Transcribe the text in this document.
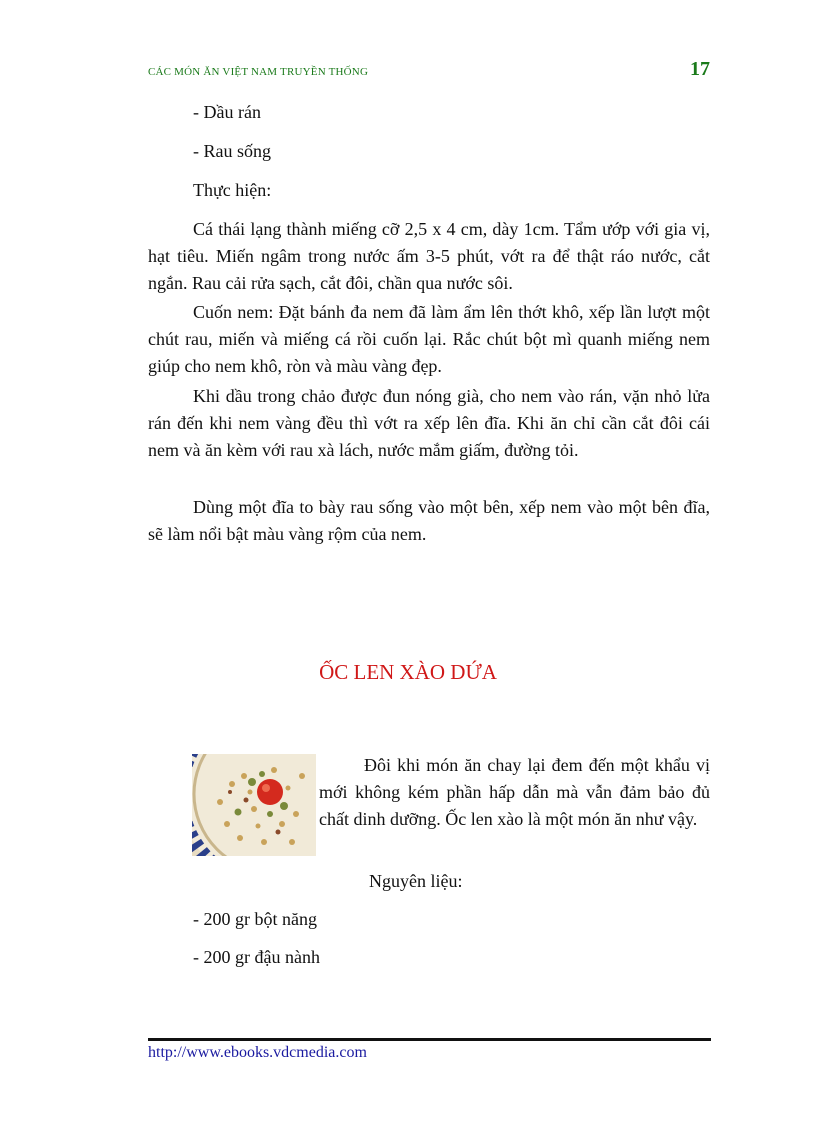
CÁC MÓN ĂN VIỆT NAM TRUYỀN THỐNG	17
- Dầu rán
- Rau sống
Thực hiện:
Cá thái lạng thành miếng cỡ 2,5 x 4 cm, dày 1cm. Tẩm ướp với gia vị, hạt tiêu. Miến ngâm trong nước ấm 3-5 phút, vớt ra để thật ráo nước, cắt ngắn. Rau cải rửa sạch, cắt đôi, chần qua nước sôi.
Cuốn nem: Đặt bánh đa nem đã làm ẩm lên thớt khô, xếp lần lượt một chút rau, miến và miếng cá rồi cuốn lại. Rắc chút bột mì quanh miếng nem giúp cho nem khô, ròn và màu vàng đẹp.
Khi dầu trong chảo được đun nóng già, cho nem vào rán, vặn nhỏ lửa rán đến khi nem vàng đều thì vớt ra xếp lên đĩa. Khi ăn chỉ cần cắt đôi cái nem và ăn kèm với rau xà lách, nước mắm giấm, đường tỏi.
Dùng một đĩa to bày rau sống vào một bên, xếp nem vào một bên đĩa, sẽ làm nổi bật màu vàng rộm của nem.
ỐC LEN XÀO DỨA
Đôi khi món ăn chay lại đem đến một khẩu vị mới không kém phần hấp dẫn mà vẫn đảm bảo đủ chất dinh dưỡng. Ốc len xào là một món ăn như vậy.
Nguyên liệu:
- 200 gr bột năng
- 200 gr đậu nành
http://www.ebooks.vdcmedia.com
